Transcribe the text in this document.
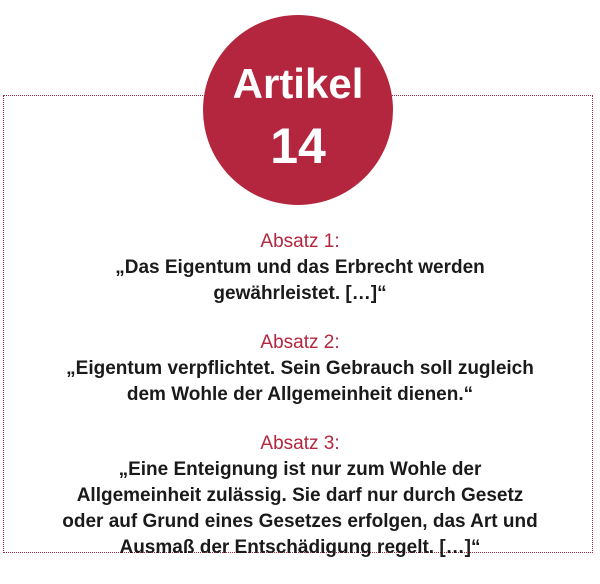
Artikel
14
Absatz 1:
„Das Eigentum und das Erbrecht werden gewährleistet. […]“
Absatz 2:
„Eigentum verpflichtet. Sein Gebrauch soll zugleich dem Wohle der Allgemeinheit dienen.“
Absatz 3:
„Eine Enteignung ist nur zum Wohle der Allgemeinheit zulässig. Sie darf nur durch Gesetz oder auf Grund eines Gesetzes erfolgen, das Art und Ausmaß der Entschädigung regelt. […]“
